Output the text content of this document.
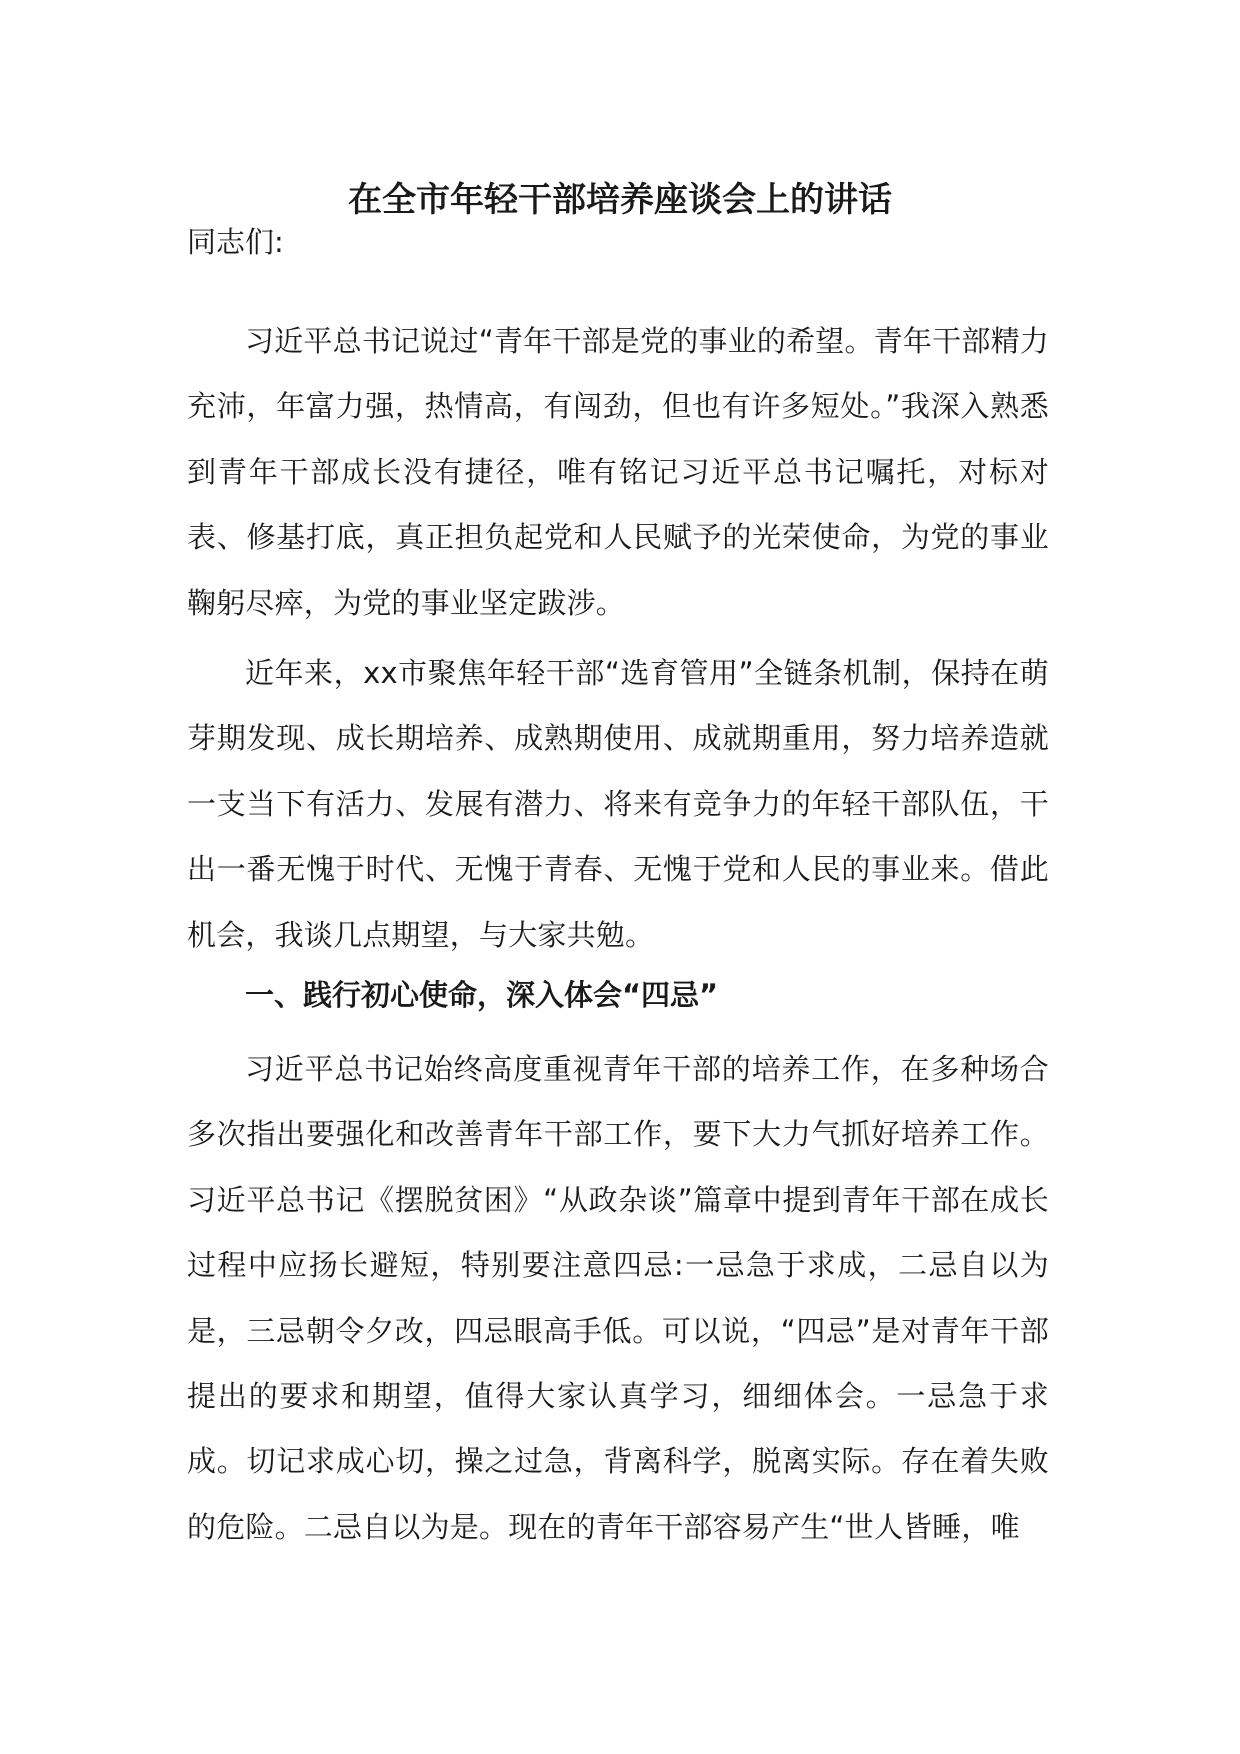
在全市年轻干部培养座谈会上的讲话

同志们:

习近平总书记说过“青年干部是党的事业的希望。青年干部精力充沛，年富力强，热情高，有闯劲，但也有许多短处。”我深入熟悉到青年干部成长没有捷径，唯有铭记习近平总书记嘱托，对标对表、修基打底，真正担负起党和人民赋予的光荣使命，为党的事业鞠躬尽瘁，为党的事业坚定跋涉。

近年来，xx市聚焦年轻干部“选育管用”全链条机制，保持在萌芽期发现、成长期培养、成熟期使用、成就期重用，努力培养造就一支当下有活力、发展有潜力、将来有竞争力的年轻干部队伍，干出一番无愧于时代、无愧于青春、无愧于党和人民的事业来。借此机会，我谈几点期望，与大家共勉。

一、践行初心使命，深入体会“四忌”

习近平总书记始终高度重视青年干部的培养工作，在多种场合多次指出要强化和改善青年干部工作，要下大力气抓好培养工作。习近平总书记《摆脱贫困》“从政杂谈”篇章中提到青年干部在成长过程中应扬长避短，特别要注意四忌:一忌急于求成，二忌自以为是，三忌朝令夕改，四忌眼高手低。可以说，“四忌”是对青年干部提出的要求和期望，值得大家认真学习，细细体会。一忌急于求成。切记求成心切，操之过急，背离科学，脱离实际。存在着失败的危险。二忌自以为是。现在的青年干部容易产生“世人皆睡，唯
